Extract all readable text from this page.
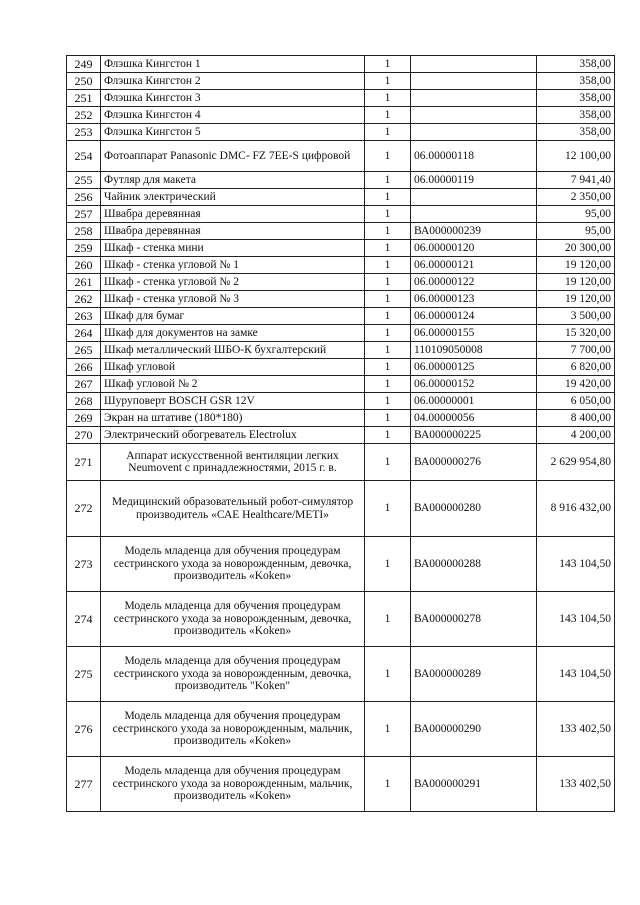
249	Флэшка Кингстон 1	1		358,00
250	Флэшка Кингстон 2	1		358,00
251	Флэшка Кингстон 3	1		358,00
252	Флэшка Кингстон 4	1		358,00
253	Флэшка Кингстон 5	1		358,00
254	Фотоаппарат Panasonic DMC- FZ 7EE-S цифровой	1	06.00000118	12 100,00
255	Футляр для макета	1	06.00000119	7 941,40
256	Чайник электрический	1		2 350,00
257	Швабра деревянная	1		95,00
258	Швабра деревянная	1	ВА000000239	95,00
259	Шкаф - стенка мини	1	06.00000120	20 300,00
260	Шкаф - стенка угловой № 1	1	06.00000121	19 120,00
261	Шкаф - стенка угловой № 2	1	06.00000122	19 120,00
262	Шкаф - стенка угловой № 3	1	06.00000123	19 120,00
263	Шкаф для бумаг	1	06.00000124	3 500,00
264	Шкаф для документов на замке	1	06.00000155	15 320,00
265	Шкаф металлический ШБО-К бухгалтерский	1	110109050008	7 700,00
266	Шкаф угловой	1	06.00000125	6 820,00
267	Шкаф угловой № 2	1	06.00000152	19 420,00
268	Шуруповерт BOSCH GSR 12V	1	06.00000001	6 050,00
269	Экран на штативе (180*180)	1	04.00000056	8 400,00
270	Электрический обогреватель Electrolux	1	ВА000000225	4 200,00
271	Аппарат искусственной вентиляции легких Neumovent с принадлежностями, 2015 г. в.	1	ВА000000276	2 629 954,80
272	Медицинский образовательный робот-симулятор производитель «САЕ Healthcare/METI»	1	ВА000000280	8 916 432,00
273	Модель младенца для обучения процедурам сестринского ухода за новорожденным, девочка, производитель «Koken»	1	ВА000000288	143 104,50
274	Модель младенца для обучения процедурам сестринского ухода за новорожденным, девочка, производитель «Koken»	1	ВА000000278	143 104,50
275	Модель младенца для обучения процедурам сестринского ухода за новорожденным, девочка, производитель "Koken"	1	ВА000000289	143 104,50
276	Модель младенца для обучения процедурам сестринского ухода за новорожденным, мальчик, производитель «Koken»	1	ВА000000290	133 402,50
277	Модель младенца для обучения процедурам сестринского ухода за новорожденным, мальчик, производитель «Koken»	1	ВА000000291	133 402,50
